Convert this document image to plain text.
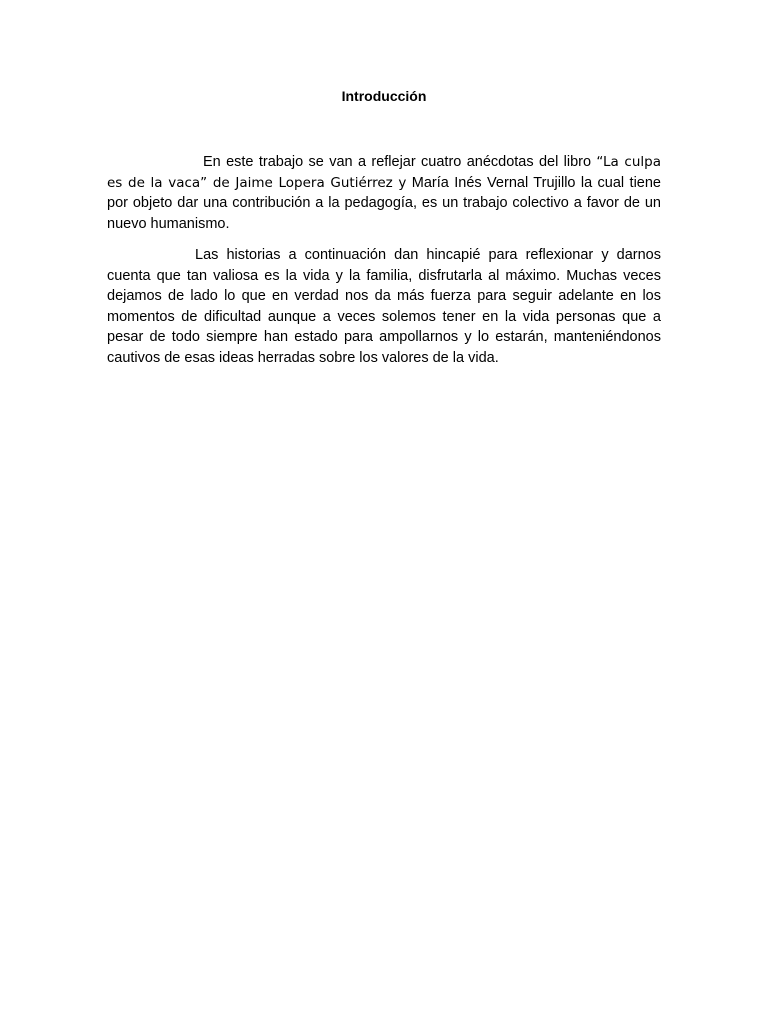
Introducción

En este trabajo se van a reflejar cuatro anécdotas del libro “La culpa es de la vaca” de Jaime Lopera Gutiérrez y María Inés Vernal Trujillo la cual tiene por objeto dar una contribución a la pedagogía, es un trabajo colectivo a favor de un nuevo humanismo.

Las historias a continuación dan hincapié para reflexionar y darnos cuenta que tan valiosa es la vida y la familia, disfrutarla al máximo. Muchas veces dejamos de lado lo que en verdad nos da más fuerza para seguir adelante en los momentos de dificultad aunque a veces solemos tener en la vida personas que a pesar de todo siempre han estado para ampollarnos y lo estarán, manteniéndonos cautivos de esas ideas herradas sobre los valores de la vida.
